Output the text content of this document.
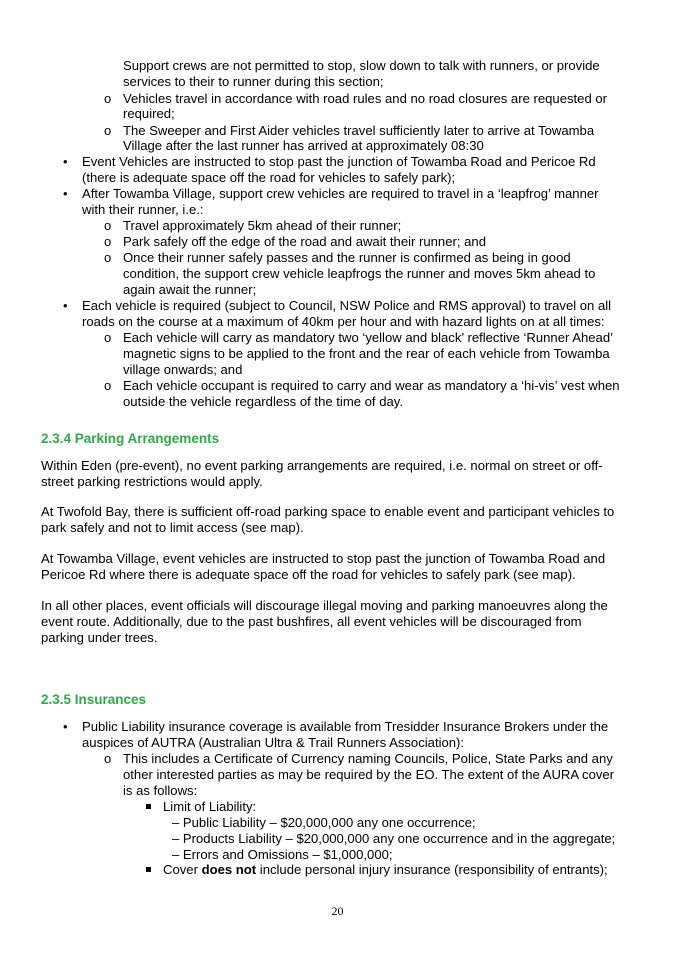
Support crews are not permitted to stop, slow down to talk with runners, or provide
services to their to runner during this section;
o Vehicles travel in accordance with road rules and no road closures are requested or
required;
o The Sweeper and First Aider vehicles travel sufficiently later to arrive at Towamba
Village after the last runner has arrived at approximately 08:30
• Event Vehicles are instructed to stop past the junction of Towamba Road and Pericoe Rd
(there is adequate space off the road for vehicles to safely park);
• After Towamba Village, support crew vehicles are required to travel in a ‘leapfrog’ manner
with their runner, i.e.:
o Travel approximately 5km ahead of their runner;
o Park safely off the edge of the road and await their runner; and
o Once their runner safely passes and the runner is confirmed as being in good
condition, the support crew vehicle leapfrogs the runner and moves 5km ahead to
again await the runner;
• Each vehicle is required (subject to Council, NSW Police and RMS approval) to travel on all
roads on the course at a maximum of 40km per hour and with hazard lights on at all times:
o Each vehicle will carry as mandatory two ‘yellow and black’ reflective ‘Runner Ahead’
magnetic signs to be applied to the front and the rear of each vehicle from Towamba
village onwards; and
o Each vehicle occupant is required to carry and wear as mandatory a ‘hi-vis’ vest when
outside the vehicle regardless of the time of day.
2.3.4 Parking Arrangements
Within Eden (pre-event), no event parking arrangements are required, i.e. normal on street or off-
street parking restrictions would apply.
At Twofold Bay, there is sufficient off-road parking space to enable event and participant vehicles to
park safely and not to limit access (see map).
At Towamba Village, event vehicles are instructed to stop past the junction of Towamba Road and
Pericoe Rd where there is adequate space off the road for vehicles to safely park (see map).
In all other places, event officials will discourage illegal moving and parking manoeuvres along the
event route. Additionally, due to the past bushfires, all event vehicles will be discouraged from
parking under trees.
2.3.5 Insurances
• Public Liability insurance coverage is available from Tresidder Insurance Brokers under the
auspices of AUTRA (Australian Ultra & Trail Runners Association):
o This includes a Certificate of Currency naming Councils, Police, State Parks and any
other interested parties as may be required by the EO. The extent of the AURA cover
is as follows:
Limit of Liability:
– Public Liability – $20,000,000 any one occurrence;
– Products Liability – $20,000,000 any one occurrence and in the aggregate;
– Errors and Omissions – $1,000,000;
Cover does not include personal injury insurance (responsibility of entrants);
20
